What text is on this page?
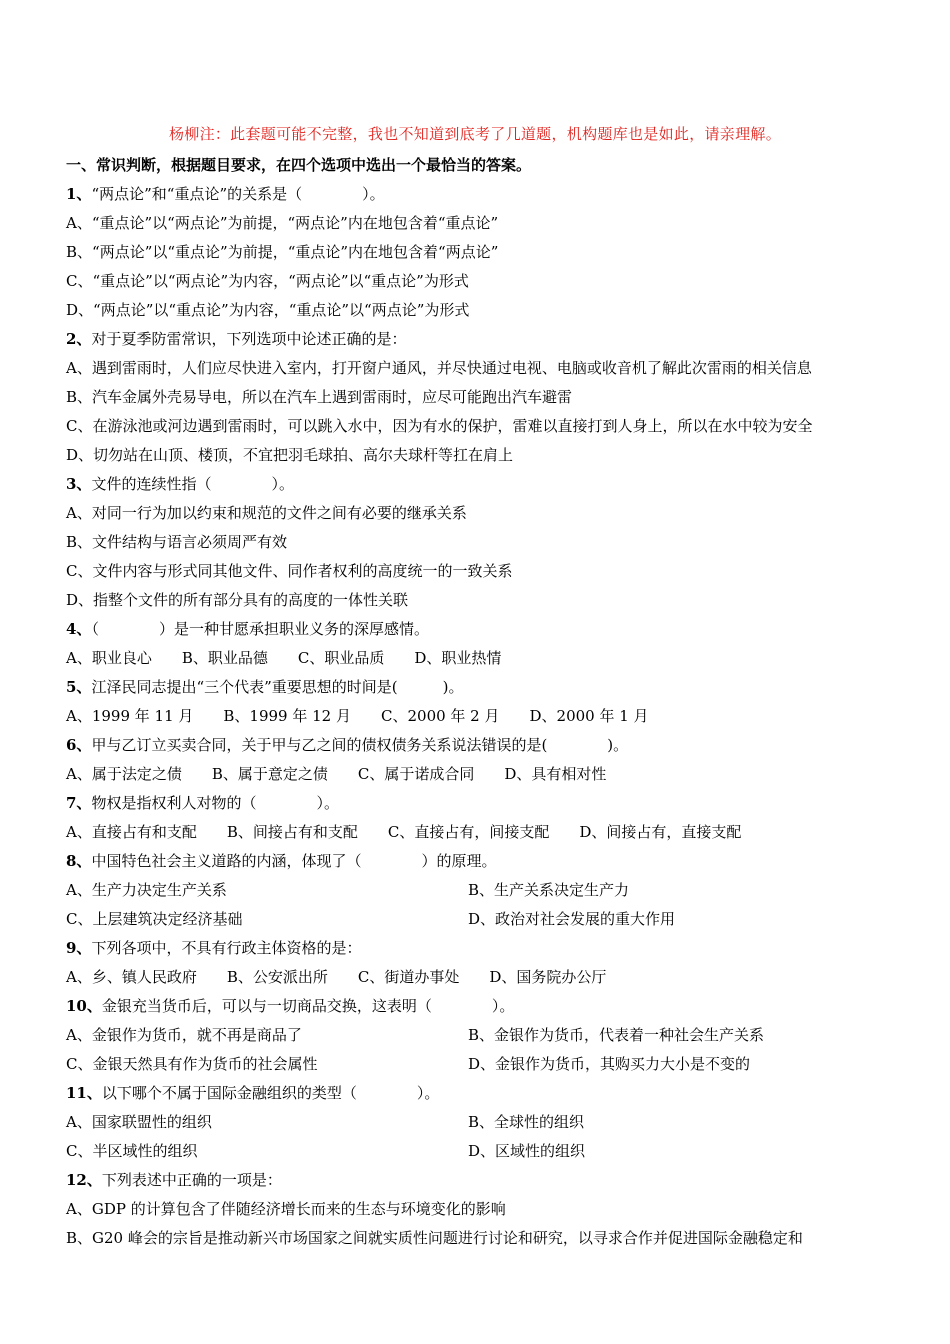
杨柳注：此套题可能不完整，我也不知道到底考了几道题，机构题库也是如此，请亲理解。
一、常识判断，根据题目要求，在四个选项中选出一个最恰当的答案。
1、“两点论”和“重点论”的关系是（　　　　）。
A、“重点论”以“两点论”为前提，“两点论”内在地包含着“重点论”
B、“两点论”以“重点论”为前提，“重点论”内在地包含着“两点论”
C、“重点论”以“两点论”为内容，“两点论”以“重点论”为形式
D、“两点论”以“重点论”为内容，“重点论”以“两点论”为形式
2、对于夏季防雷常识，下列选项中论述正确的是：
A、遇到雷雨时，人们应尽快进入室内，打开窗户通风，并尽快通过电视、电脑或收音机了解此次雷雨的相关信息
B、汽车金属外壳易导电，所以在汽车上遇到雷雨时，应尽可能跑出汽车避雷
C、在游泳池或河边遇到雷雨时，可以跳入水中，因为有水的保护，雷难以直接打到人身上，所以在水中较为安全
D、切勿站在山顶、楼顶，不宜把羽毛球拍、高尔夫球杆等扛在肩上
3、文件的连续性指（　　　　）。
A、对同一行为加以约束和规范的文件之间有必要的继承关系
B、文件结构与语言必须周严有效
C、文件内容与形式同其他文件、同作者权利的高度统一的一致关系
D、指整个文件的所有部分具有的高度的一体性关联
4、（　　　　）是一种甘愿承担职业义务的深厚感情。
A、职业良心 B、职业品德 C、职业品质 D、职业热情
5、江泽民同志提出“三个代表”重要思想的时间是(　　　)。
A、1999 年 11 月 B、1999 年 12 月 C、2000 年 2 月 D、2000 年 1 月
6、甲与乙订立买卖合同，关于甲与乙之间的债权债务关系说法错误的是(　　　　)。
A、属于法定之债 B、属于意定之债 C、属于诺成合同 D、具有相对性
7、物权是指权利人对物的（　　　　）。
A、直接占有和支配 B、间接占有和支配 C、直接占有，间接支配 D、间接占有，直接支配
8、中国特色社会主义道路的内涵，体现了（　　　　）的原理。
A、生产力决定生产关系	B、生产关系决定生产力
C、上层建筑决定经济基础	D、政治对社会发展的重大作用
9、下列各项中，不具有行政主体资格的是：
A、乡、镇人民政府 B、公安派出所 C、街道办事处 D、国务院办公厅
10、金银充当货币后，可以与一切商品交换，这表明（　　　　）。
A、金银作为货币，就不再是商品了	B、金银作为货币，代表着一种社会生产关系
C、金银天然具有作为货币的社会属性	D、金银作为货币，其购买力大小是不变的
11、以下哪个不属于国际金融组织的类型（　　　　）。
A、国家联盟性的组织	B、全球性的组织
C、半区域性的组织	D、区域性的组织
12、下列表述中正确的一项是：
A、GDP 的计算包含了伴随经济增长而来的生态与环境变化的影响
B、G20 峰会的宗旨是推动新兴市场国家之间就实质性问题进行讨论和研究，以寻求合作并促进国际金融稳定和
